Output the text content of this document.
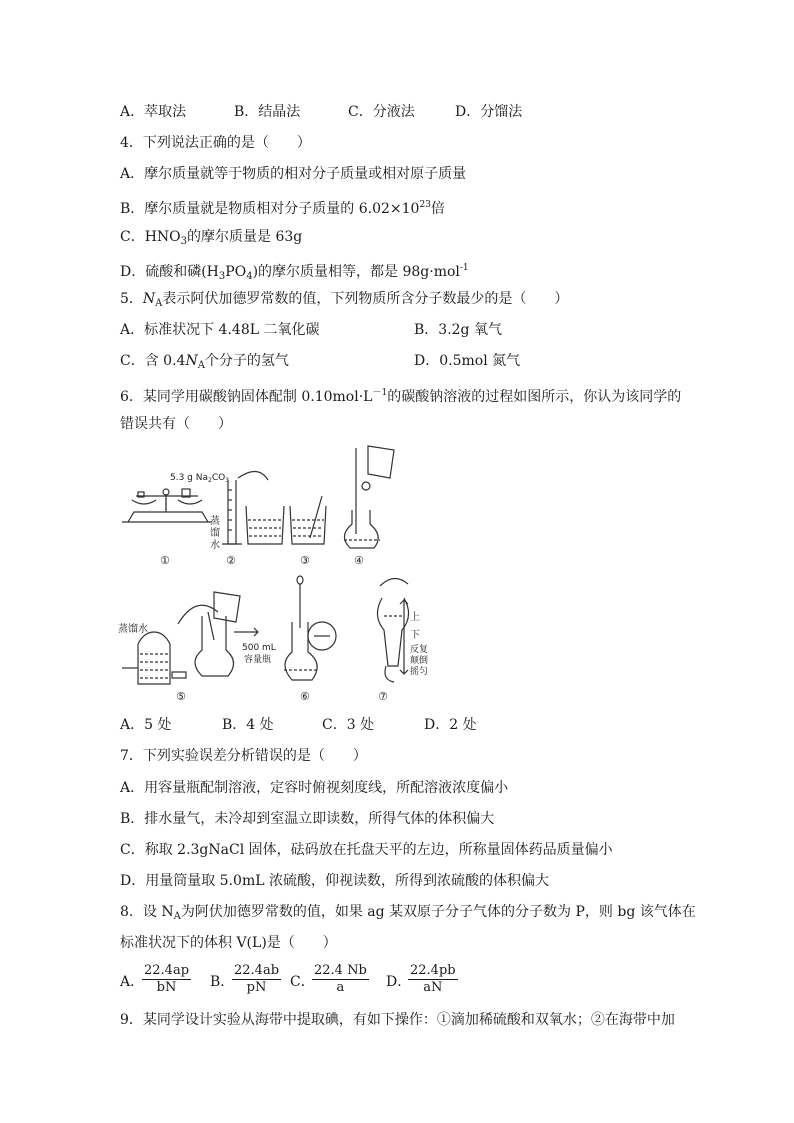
A．萃取法	B．结晶法	C．分液法	D．分馏法
4．下列说法正确的是（　　）
A．摩尔质量就等于物质的相对分子质量或相对原子质量
B．摩尔质量就是物质相对分子质量的 $6.02\times 10^{23}$倍
C．$HNO_3$的摩尔质量是 63g
D．硫酸和磷$(H_3PO_4)$的摩尔质量相等，都是 98g·mol$^{-1}$
5．$N_A$表示阿伏加德罗常数的值，下列物质所含分子数最少的是（　　）
A．标准状况下 4.48L 二氧化碳	B．3.2g 氧气
C．含 $0.4N_A$个分子的氢气	D．0.5mol 氮气
6．某同学用碳酸钠固体配制 $0.10mol\cdot L^{-1}$的碳酸钠溶液的过程如图所示，你认为该同学的
错误共有（　　）
5.3 g $Na_2CO_3$
蒸
馏
水
①	②	③	④
蒸馏水
500 mL
容量瓶
上
下
反复
颠倒
摇匀
⑤	⑥	⑦
A．5 处	B．4 处	C．3 处	D．2 处
7．下列实验误差分析错误的是（　　）
A．用容量瓶配制溶液，定容时俯视刻度线，所配溶液浓度偏小
B．排水量气，未冷却到室温立即读数，所得气体的体积偏大
C．称取 2.3gNaCl 固体，砝码放在托盘天平的左边，所称量固体药品质量偏小
D．用量筒量取 5.0mL 浓硫酸，仰视读数，所得到浓硫酸的体积偏大
8．设 $N_A$为阿伏加德罗常数的值，如果 ag 某双原子分子气体的分子数为 P，则 bg 该气体在
标准状况下的体积 V(L)是（　　）
A．
$\frac{22.4ap}{bN}$ B．
$\frac{22.4ab}{pN}$ C．
$\frac{22.4 Nb}{a}$ D．
$\frac{22.4pb}{aN}$
9．某同学设计实验从海带中提取碘，有如下操作：①滴加稀硫酸和双氧水；②在海带中加
